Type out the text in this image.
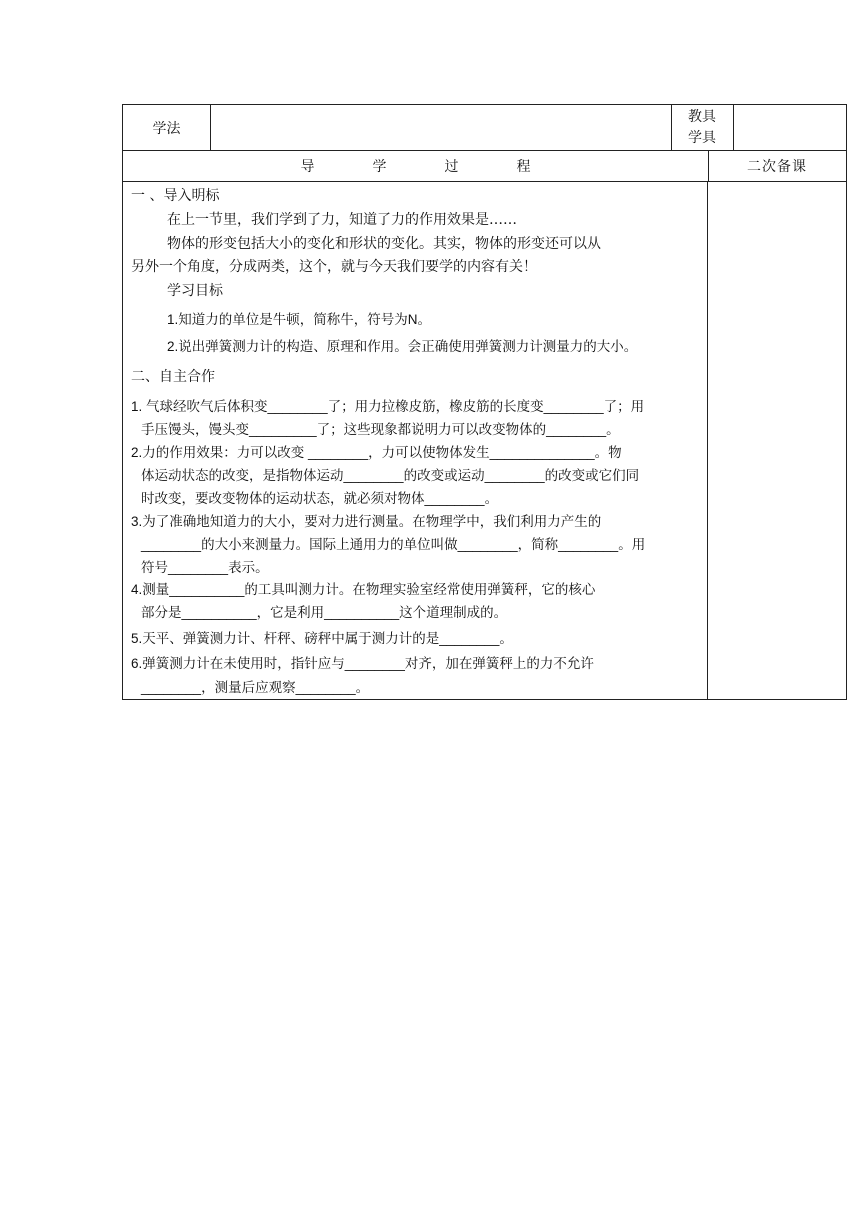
学法
教具
学具
导学过程	二次备课
一 、导入明标
在上一节里，我们学到了力，知道了力的作用效果是……
物体的形变包括大小的变化和形状的变化。其实，物体的形变还可以从
另外一个角度，分成两类，这个，就与今天我们要学的内容有关！
学习目标
1.知道力的单位是牛顿，简称牛，符号为N。
2.说出弹簧测力计的构造、原理和作用。会正确使用弹簧测力计测量力的大小。
二、自主合作
1. 气球经吹气后体积变________了；用力拉橡皮筋，橡皮筋的长度变________了；用
手压馒头，馒头变_________了；这些现象都说明力可以改变物体的________。
2.力的作用效果：力可以改变 ________，力可以使物体发生______________。物
体运动状态的改变，是指物体运动________的改变或运动________的改变或它们同
时改变，要改变物体的运动状态，就必须对物体________。
3.为了准确地知道力的大小，要对力进行测量。在物理学中，我们利用力产生的
________的大小来测量力。国际上通用力的单位叫做________，简称________。用
符号________表示。
4.测量__________的工具叫测力计。在物理实验室经常使用弹簧秤，它的核心
部分是__________，它是利用__________这个道理制成的。
5.天平、弹簧测力计、杆秤、磅秤中属于测力计的是________。
6.弹簧测力计在未使用时，指针应与________对齐，加在弹簧秤上的力不允许
________，测量后应观察________。
